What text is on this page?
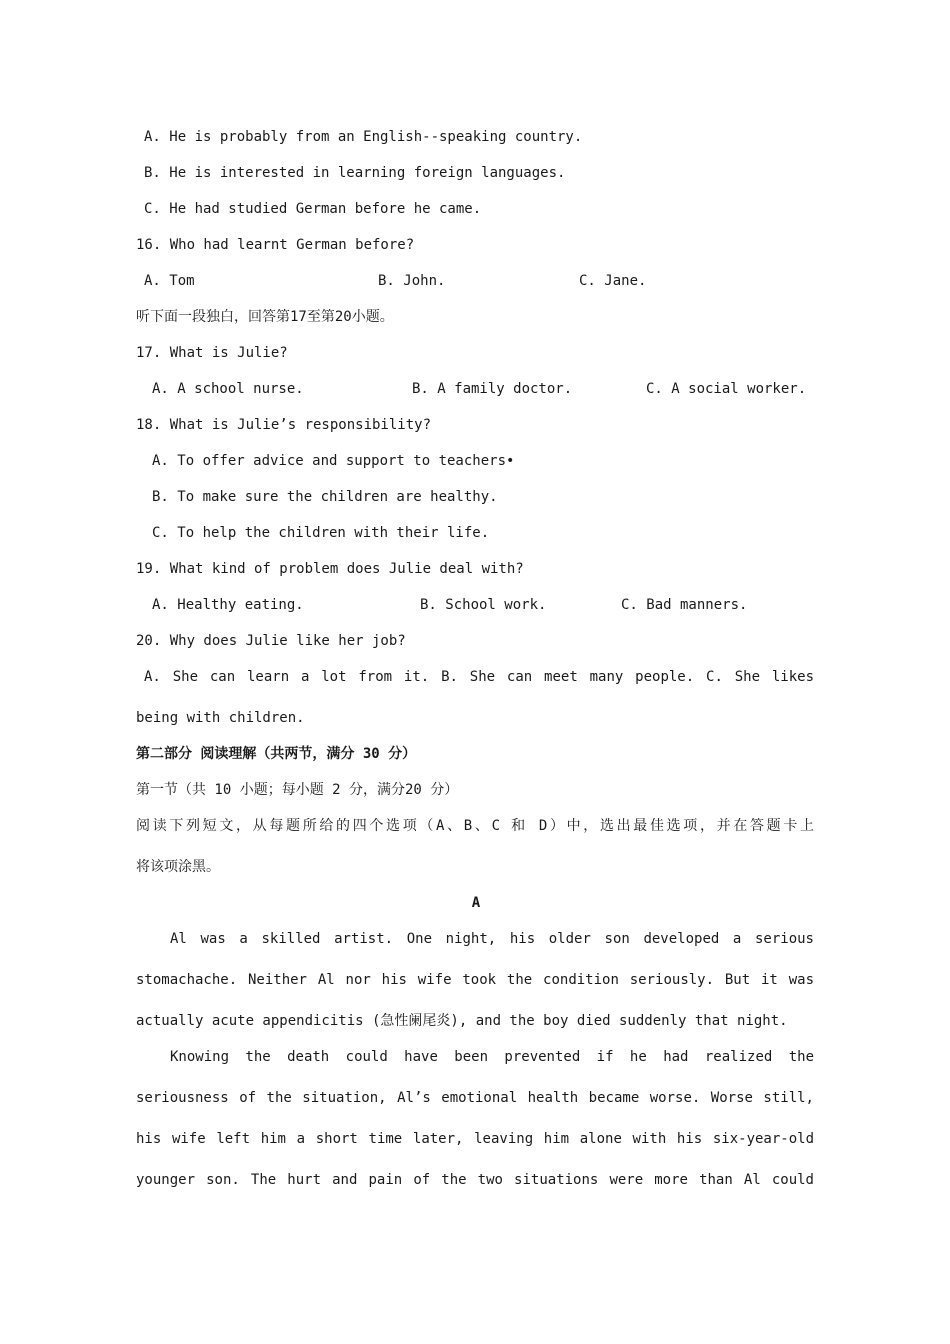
A. He is probably from an English--speaking country.
B. He is interested in learning foreign languages.
C. He had studied German before he came.
16. Who had learnt German before?
A. Tom	B. John.	C. Jane.
听下面一段独白，回答第17至第20小题。
17. What is Julie?
A. A school nurse.	B. A family doctor.	C. A social worker.
18. What is Julie’s responsibility?
A. To offer advice and support to teachers•
B. To make sure the children are healthy.
C. To help the children with their life.
19. What kind of problem does Julie deal with?
A. Healthy eating.	B. School work.	C. Bad manners.
20. Why does Julie like her job?
A. She can learn a lot from it. B. She can meet many people. C. She likes
being with children.
第二部分 阅读理解（共两节，满分 30 分）
第一节（共 10 小题；每小题 2 分，满分20 分）
阅读下列短文，从每题所给的四个选项（A、B、C 和 D）中，选出最佳选项，并在答题卡上
将该项涂黑。
A
Al was a skilled artist. One night, his older son developed a serious
stomachache. Neither Al nor his wife took the condition seriously. But it was
actually acute appendicitis (急性阑尾炎), and the boy died suddenly that night.
Knowing the death could have been prevented if he had realized the
seriousness of the situation, Al’s emotional health became worse. Worse still,
his wife left him a short time later, leaving him alone with his six-year-old
younger son. The hurt and pain of the two situations were more than Al could
